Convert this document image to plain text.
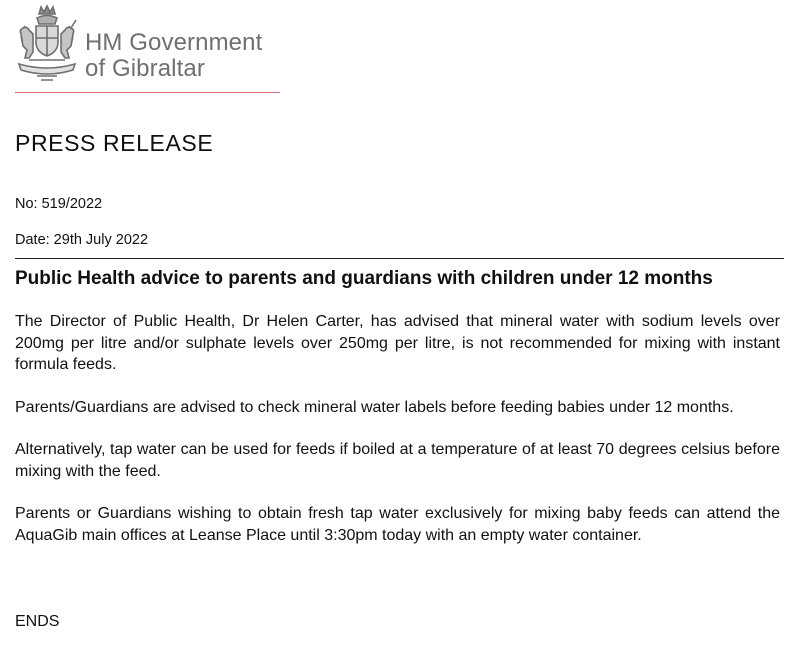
HM Government
of Gibraltar
PRESS RELEASE
No: 519/2022
Date: 29th July 2022
Public Health advice to parents and guardians with children under 12 months

The Director of Public Health, Dr Helen Carter, has advised that mineral water with sodium levels over 200mg per litre and/or sulphate levels over 250mg per litre, is not recommended for mixing with instant formula feeds.

Parents/Guardians are advised to check mineral water labels before feeding babies under 12 months.

Alternatively, tap water can be used for feeds if boiled at a temperature of at least 70 degrees celsius before mixing with the feed.

Parents or Guardians wishing to obtain fresh tap water exclusively for mixing baby feeds can attend the AquaGib main offices at Leanse Place until 3:30pm today with an empty water container.

ENDS
